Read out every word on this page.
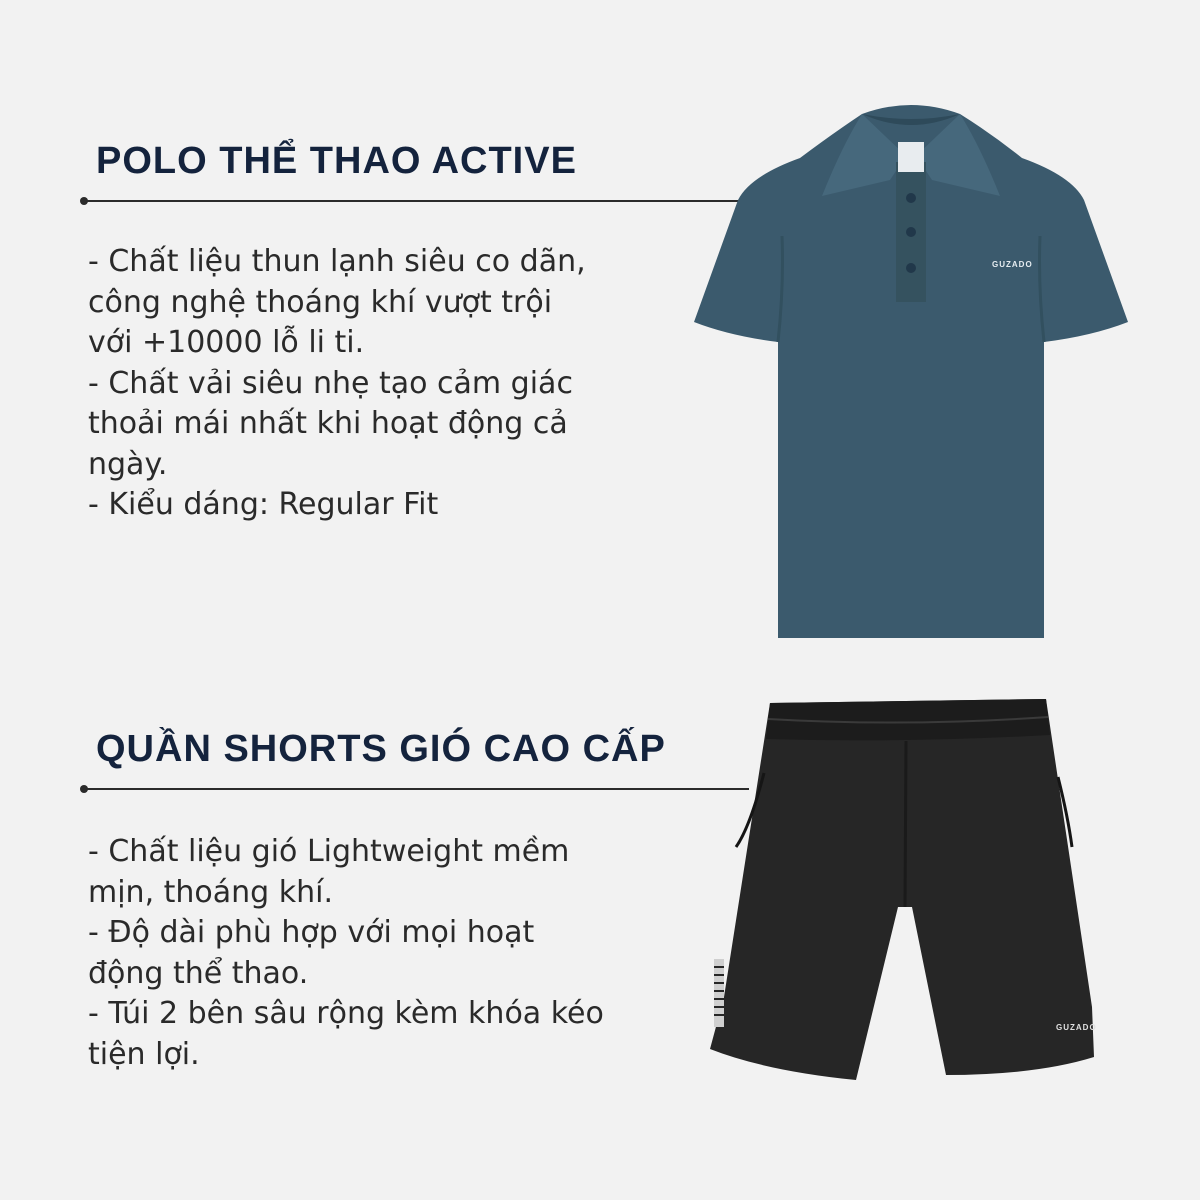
POLO THỂ THAO ACTIVE
- Chất liệu thun lạnh siêu co dãn,
công nghệ thoáng khí vượt trội
với +10000 lỗ li ti.
- Chất vải siêu nhẹ tạo cảm giác
thoải mái nhất khi hoạt động cả
ngày.
- Kiểu dáng: Regular Fit
GUZADO
QUẦN SHORTS GIÓ CAO CẤP
- Chất liệu gió Lightweight mềm
mịn, thoáng khí.
- Độ dài phù hợp với mọi hoạt
động thể thao.
- Túi 2 bên sâu rộng kèm khóa kéo
tiện lợi.
GUZADO
